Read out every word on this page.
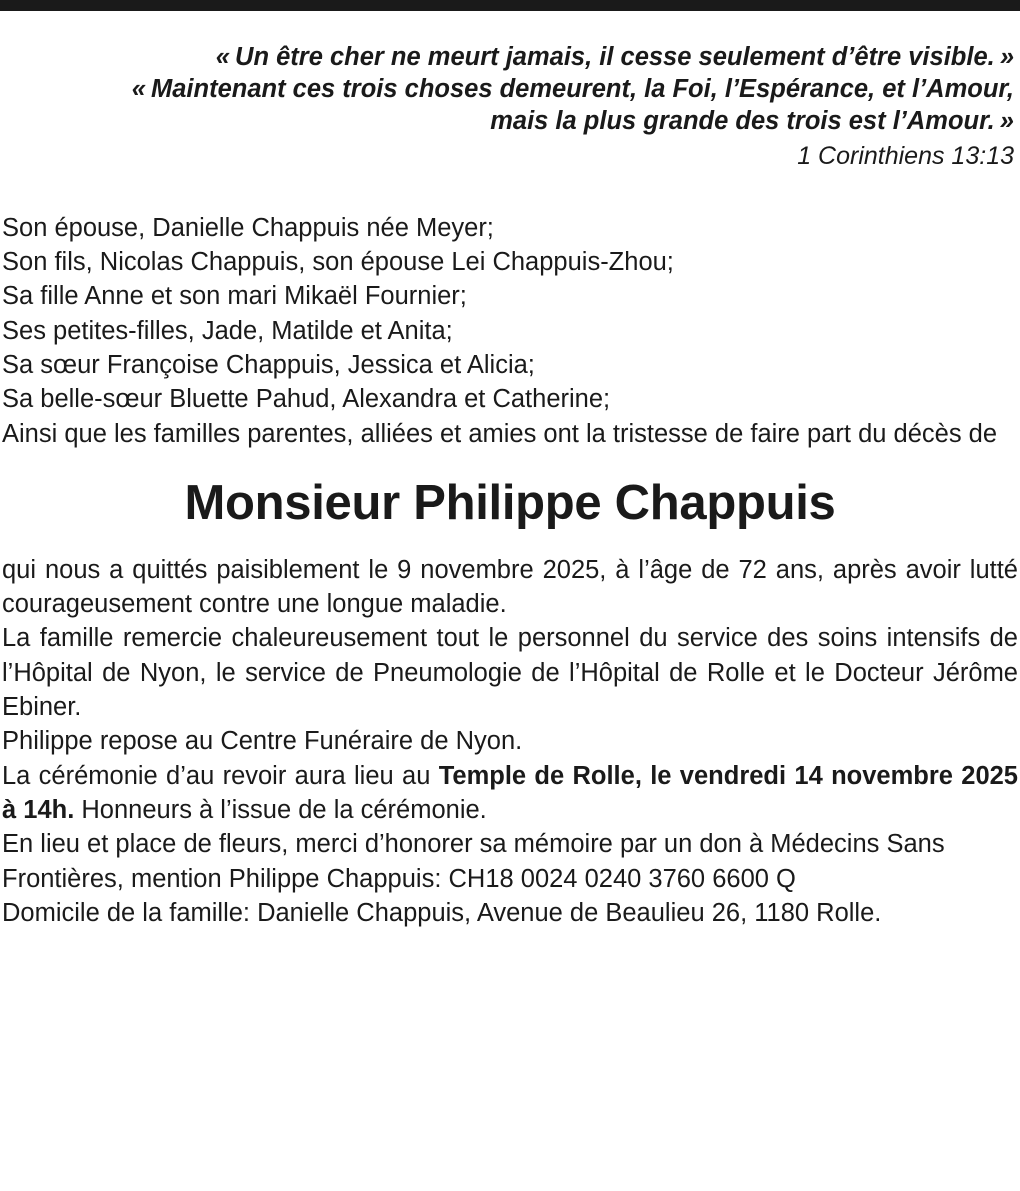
« Un être cher ne meurt jamais, il cesse seulement d’être visible. »
« Maintenant ces trois choses demeurent, la Foi, l’Espérance, et l’Amour,
mais la plus grande des trois est l’Amour. »
1 Corinthiens 13:13
Son épouse, Danielle Chappuis née Meyer;
Son fils, Nicolas Chappuis, son épouse Lei Chappuis-Zhou;
Sa fille Anne et son mari Mikaël Fournier;
Ses petites-filles, Jade, Matilde et Anita;
Sa sœur Françoise Chappuis, Jessica et Alicia;
Sa belle-sœur Bluette Pahud, Alexandra et Catherine;
Ainsi que les familles parentes, alliées et amies ont la tristesse de faire part du décès de
Monsieur Philippe Chappuis

qui nous a quittés paisiblement le 9 novembre 2025, à l’âge de 72 ans, après avoir lutté courageusement contre une longue maladie.

La famille remercie chaleureusement tout le personnel du service des soins intensifs de l’Hôpital de Nyon, le service de Pneumologie de l’Hôpital de Rolle et le Docteur Jérôme Ebiner.

Philippe repose au Centre Funéraire de Nyon.

La cérémonie d’au revoir aura lieu au Temple de Rolle, le vendredi 14 novembre 2025 à 14h. Honneurs à l’issue de la cérémonie.

En lieu et place de fleurs, merci d’honorer sa mémoire par un don à Médecins Sans Frontières, mention Philippe Chappuis: CH18 0024 0240 3760 6600 Q

Domicile de la famille: Danielle Chappuis, Avenue de Beaulieu 26, 1180 Rolle.
